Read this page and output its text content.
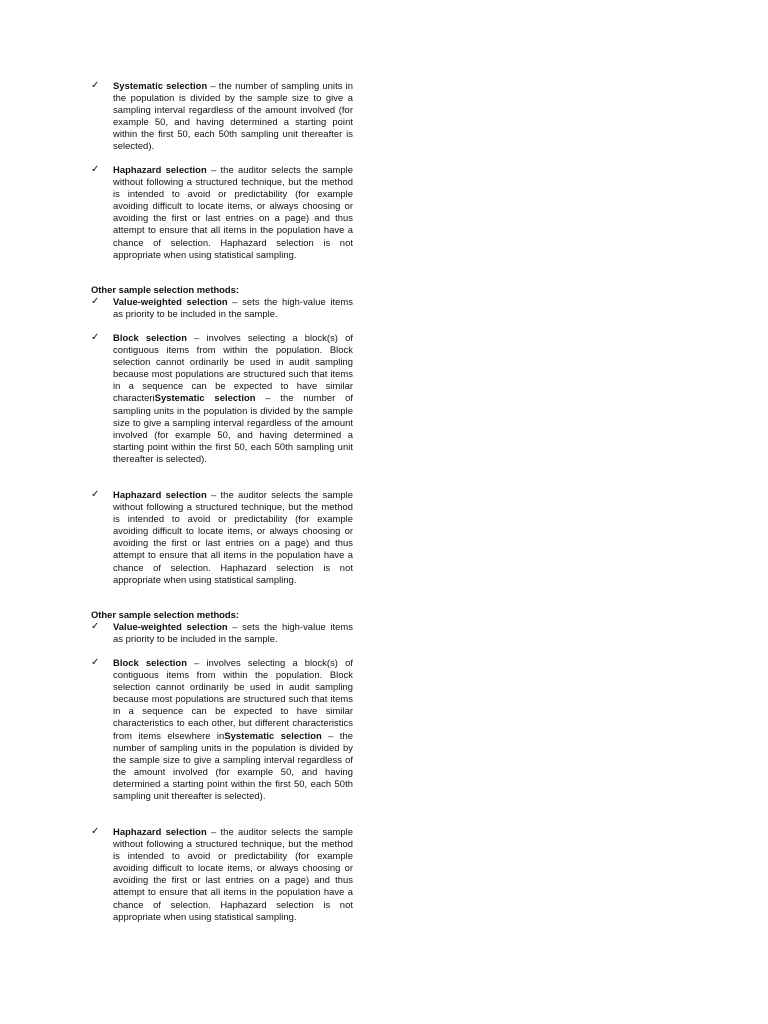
✓ Systematic selection – the number of sampling units in the population is divided by the sample size to give a sampling interval regardless of the amount involved (for example 50, and having determined a starting point within the first 50, each 50th sampling unit thereafter is selected).

✓ Haphazard selection – the auditor selects the sample without following a structured technique, but the method is intended to avoid or predictability (for example avoiding difficult to locate items, or always choosing or avoiding the first or last entries on a page) and thus attempt to ensure that all items in the population have a chance of selection. Haphazard selection is not appropriate when using statistical sampling.

Other sample selection methods:

✓ Value-weighted selection – sets the high-value items as priority to be included in the sample.

✓ Block selection – involves selecting a block(s) of contiguous items from within the population. Block selection cannot ordinarily be used in audit sampling because most populations are structured such that items in a sequence can be expected to have similar characteriSystematic selection – the number of sampling units in the population is divided by the sample size to give a sampling interval regardless of the amount involved (for example 50, and having determined a starting point within the first 50, each 50th sampling unit thereafter is selected).

✓ Haphazard selection – the auditor selects the sample without following a structured technique, but the method is intended to avoid or predictability (for example avoiding difficult to locate items, or always choosing or avoiding the first or last entries on a page) and thus attempt to ensure that all items in the population have a chance of selection. Haphazard selection is not appropriate when using statistical sampling.

Other sample selection methods:

✓ Value-weighted selection – sets the high-value items as priority to be included in the sample.

✓ Block selection – involves selecting a block(s) of contiguous items from within the population. Block selection cannot ordinarily be used in audit sampling because most populations are structured such that items in a sequence can be expected to have similar characteristics to each other, but different characteristics from items elsewhere inSystematic selection – the number of sampling units in the population is divided by the sample size to give a sampling interval regardless of the amount involved (for example 50, and having determined a starting point within the first 50, each 50th sampling unit thereafter is selected).

✓ Haphazard selection – the auditor selects the sample without following a structured technique, but the method is intended to avoid or predictability (for example avoiding difficult to locate items, or always choosing or avoiding the first or last entries on a page) and thus attempt to ensure that all items in the population have a chance of selection. Haphazard selection is not appropriate when using statistical sampling.
